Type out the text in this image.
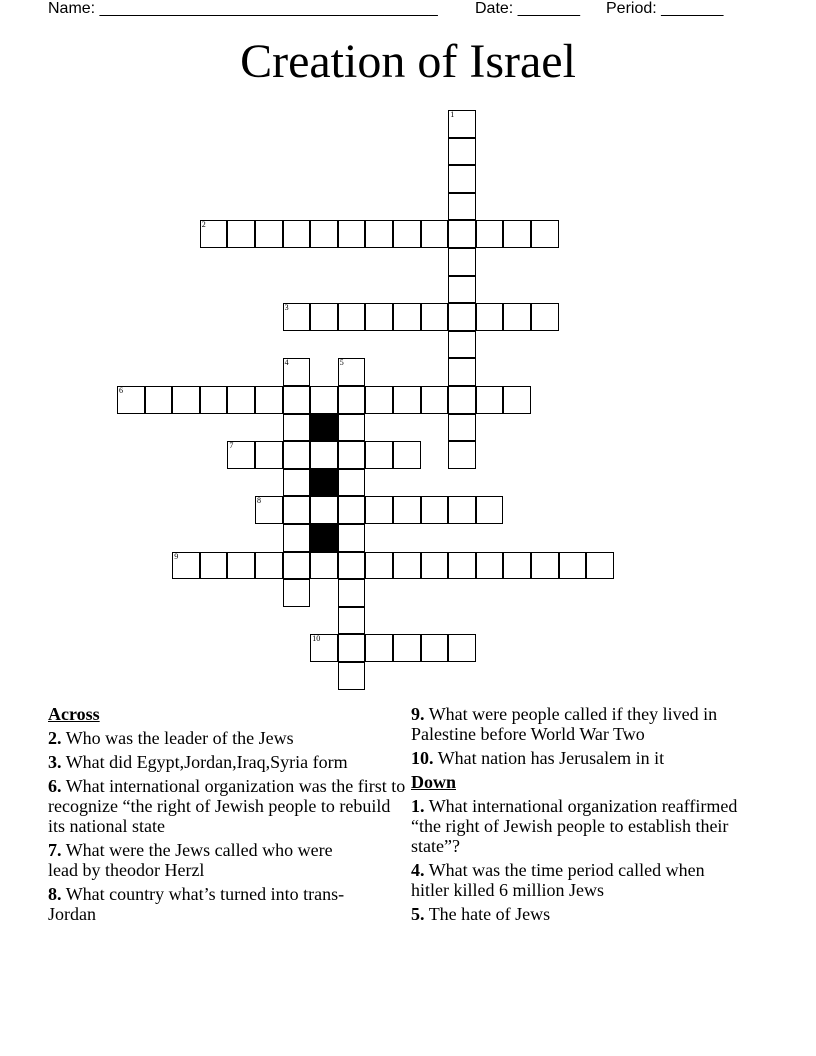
Name: ______________________________________ Date: _______ Period: _______
Creation of Israel
1
2
3
4	5
6
7
8
9
10
Across
2. Who was the leader of the Jews
3. What did Egypt,Jordan,Iraq,Syria form
6. What international organization was the first to recognize “the right of Jewish people to rebuild its national state
7. What were the Jews called who were lead by theodor Herzl
8. What country what’s turned into trans-Jordan
9. What were people called if they lived in Palestine before World War Two
10. What nation has Jerusalem in it
Down
1. What international organization reaffirmed “the right of Jewish people to establish their state”?
4. What was the time period called when hitler killed 6 million Jews
5. The hate of Jews
